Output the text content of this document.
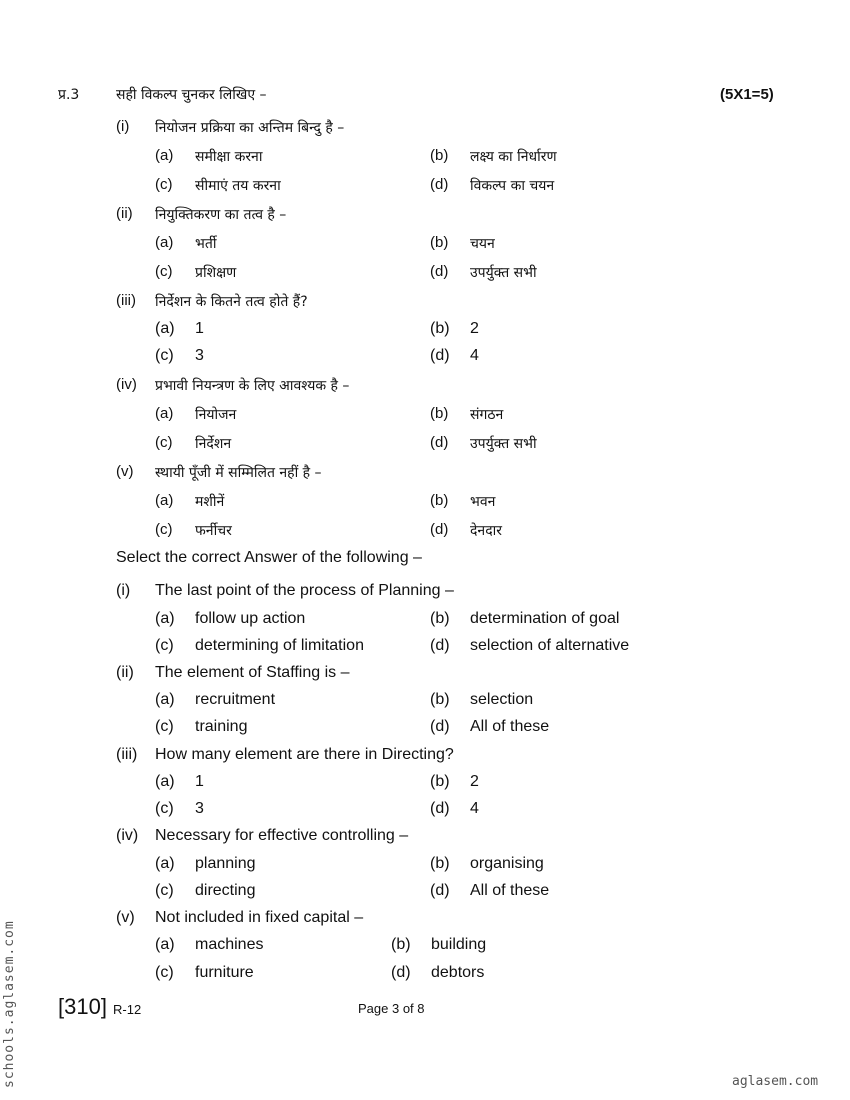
प्र.3	सही विकल्प चुनकर लिखिए –	(5X1=5)
(i) नियोजन प्रक्रिया का अन्तिम बिन्दु है –
(a) समीक्षा करना	(b) लक्ष्य का निर्धारण
(c) सीमाएं तय करना	(d) विकल्प का चयन
(ii) नियुक्तिकरण का तत्व है –
(a) भर्ती	(b) चयन
(c) प्रशिक्षण	(d) उपर्युक्त सभी
(iii) निर्देशन के कितने तत्व होते हैं?
(a) 1	(b) 2
(c) 3	(d) 4
(iv) प्रभावी नियन्त्रण के लिए आवश्यक है –
(a) नियोजन	(b) संगठन
(c) निर्देशन	(d) उपर्युक्त सभी
(v) स्थायी पूँजी में सम्मिलित नहीं है –
(a) मशीनें	(b) भवन
(c) फर्नीचर	(d) देनदार
Select the correct Answer of the following –
(i) The last point of the process of Planning –
(a) follow up action	(b) determination of goal
(c) determining of limitation	(d) selection of alternative
(ii) The element of Staffing is –
(a) recruitment	(b) selection
(c) training	(d) All of these
(iii) How many element are there in Directing?
(a) 1	(b) 2
(c) 3	(d) 4
(iv) Necessary for effective controlling –
(a) planning	(b) organising
(c) directing	(d) All of these
(v) Not included in fixed capital –
(a) machines	(b) building
(c) furniture	(d) debtors
[310] R-12	Page 3 of 8
schools.aglasem.com	aglasem.com
